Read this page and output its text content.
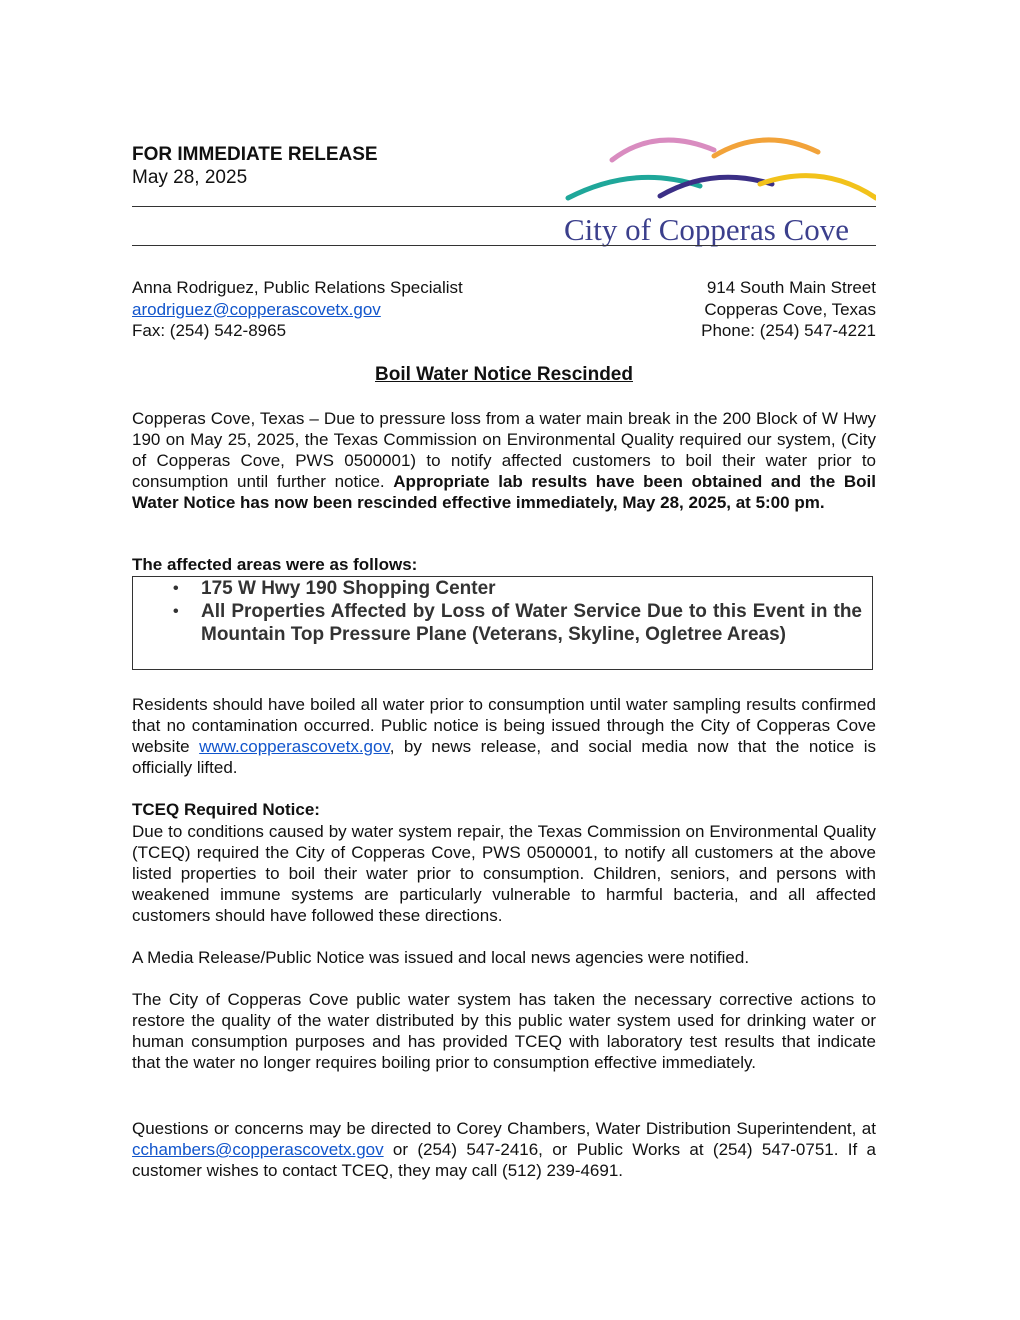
FOR IMMEDIATE RELEASE
May 28, 2025
City of Copperas Cove
Anna Rodriguez, Public Relations Specialist
arodriguez@copperascovetx.gov
Fax: (254) 542-8965
914 South Main Street
Copperas Cove, Texas
Phone: (254) 547-4221
Boil Water Notice Rescinded

Copperas Cove, Texas – Due to pressure loss from a water main break in the 200 Block of W Hwy 190 on May 25, 2025, the Texas Commission on Environmental Quality required our system, (City of Copperas Cove, PWS 0500001) to notify affected customers to boil their water prior to consumption until further notice. Appropriate lab results have been obtained and the Boil Water Notice has now been rescinded effective immediately, May 28, 2025, at 5:00 pm.

The affected areas were as follows:
• 175 W Hwy 190 Shopping Center
• All Properties Affected by Loss of Water Service Due to this Event in the Mountain Top Pressure Plane (Veterans, Skyline, Ogletree Areas)

Residents should have boiled all water prior to consumption until water sampling results confirmed that no contamination occurred. Public notice is being issued through the City of Copperas Cove website www.copperascovetx.gov, by news release, and social media now that the notice is officially lifted.

TCEQ Required Notice:

Due to conditions caused by water system repair, the Texas Commission on Environmental Quality (TCEQ) required the City of Copperas Cove, PWS 0500001, to notify all customers at the above listed properties to boil their water prior to consumption. Children, seniors, and persons with weakened immune systems are particularly vulnerable to harmful bacteria, and all affected customers should have followed these directions.

A Media Release/Public Notice was issued and local news agencies were notified.

The City of Copperas Cove public water system has taken the necessary corrective actions to restore the quality of the water distributed by this public water system used for drinking water or human consumption purposes and has provided TCEQ with laboratory test results that indicate that the water no longer requires boiling prior to consumption effective immediately.

Questions or concerns may be directed to Corey Chambers, Water Distribution Superintendent, at cchambers@copperascovetx.gov or (254) 547-2416, or Public Works at (254) 547-0751. If a customer wishes to contact TCEQ, they may call (512) 239-4691.
